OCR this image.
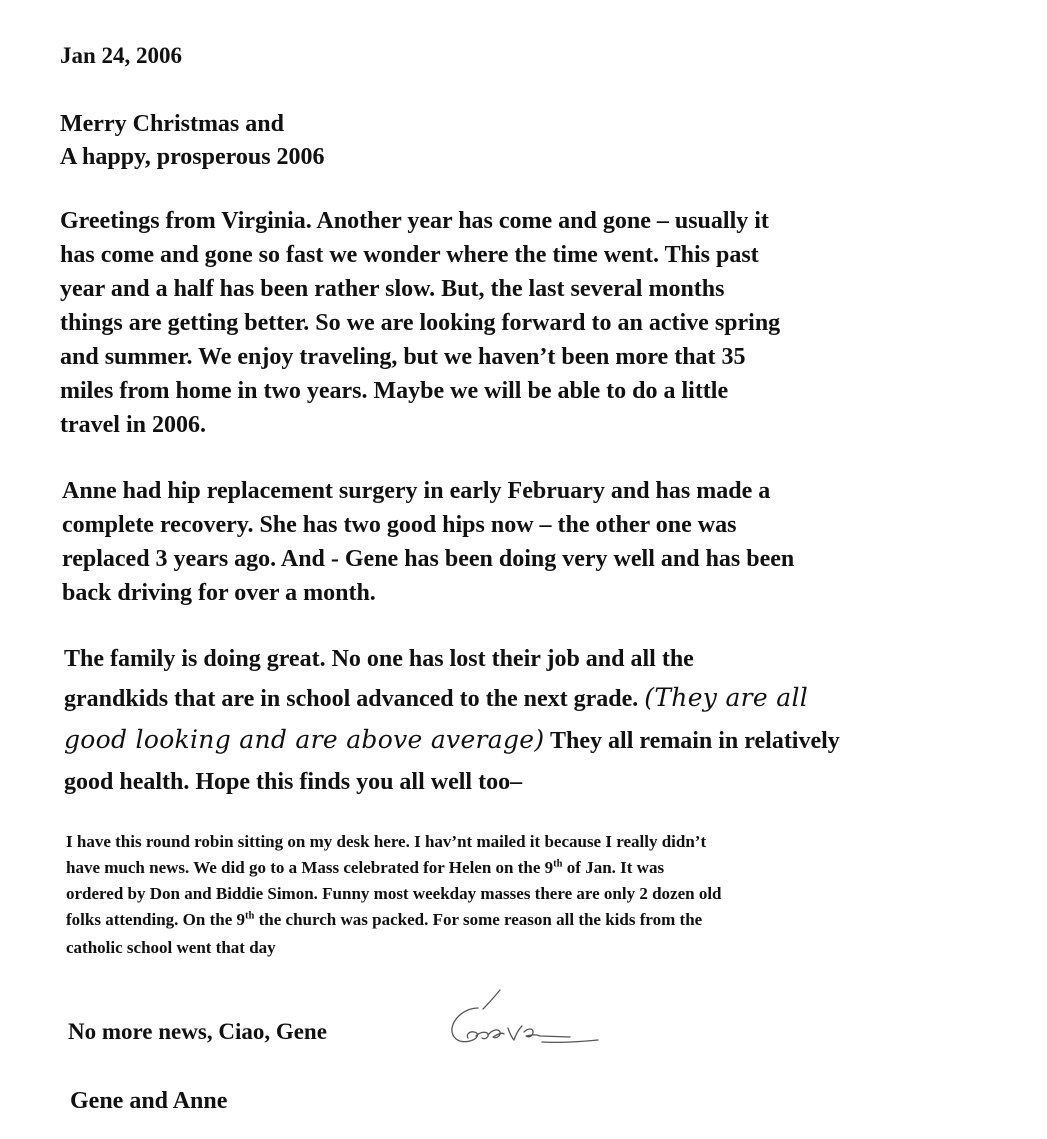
Jan 24, 2006
Merry Christmas and
A happy, prosperous 2006
Greetings from Virginia. Another year has come and gone – usually it
has come and gone so fast we wonder where the time went. This past
year and a half has been rather slow. But, the last several months
things are getting better. So we are looking forward to an active spring
and summer. We enjoy traveling, but we haven’t been more that 35
miles from home in two years. Maybe we will be able to do a little
travel in 2006.
Anne had hip replacement surgery in early February and has made a
complete recovery. She has two good hips now – the other one was
replaced 3 years ago. And - Gene has been doing very well and has been
back driving for over a month.
The family is doing great. No one has lost their job and all the
grandkids that are in school advanced to the next grade. (They are all
good looking and are above average) They all remain in relatively
good health. Hope this finds you all well too–
I have this round robin sitting on my desk here. I hav’nt mailed it because I really didn’t
have much news. We did go to a Mass celebrated for Helen on the 9th of Jan. It was
ordered by Don and Biddie Simon. Funny most weekday masses there are only 2 dozen old
folks attending. On the 9th the church was packed. For some reason all the kids from the
catholic school went that day
No more news, Ciao, Gene
Gene and Anne
